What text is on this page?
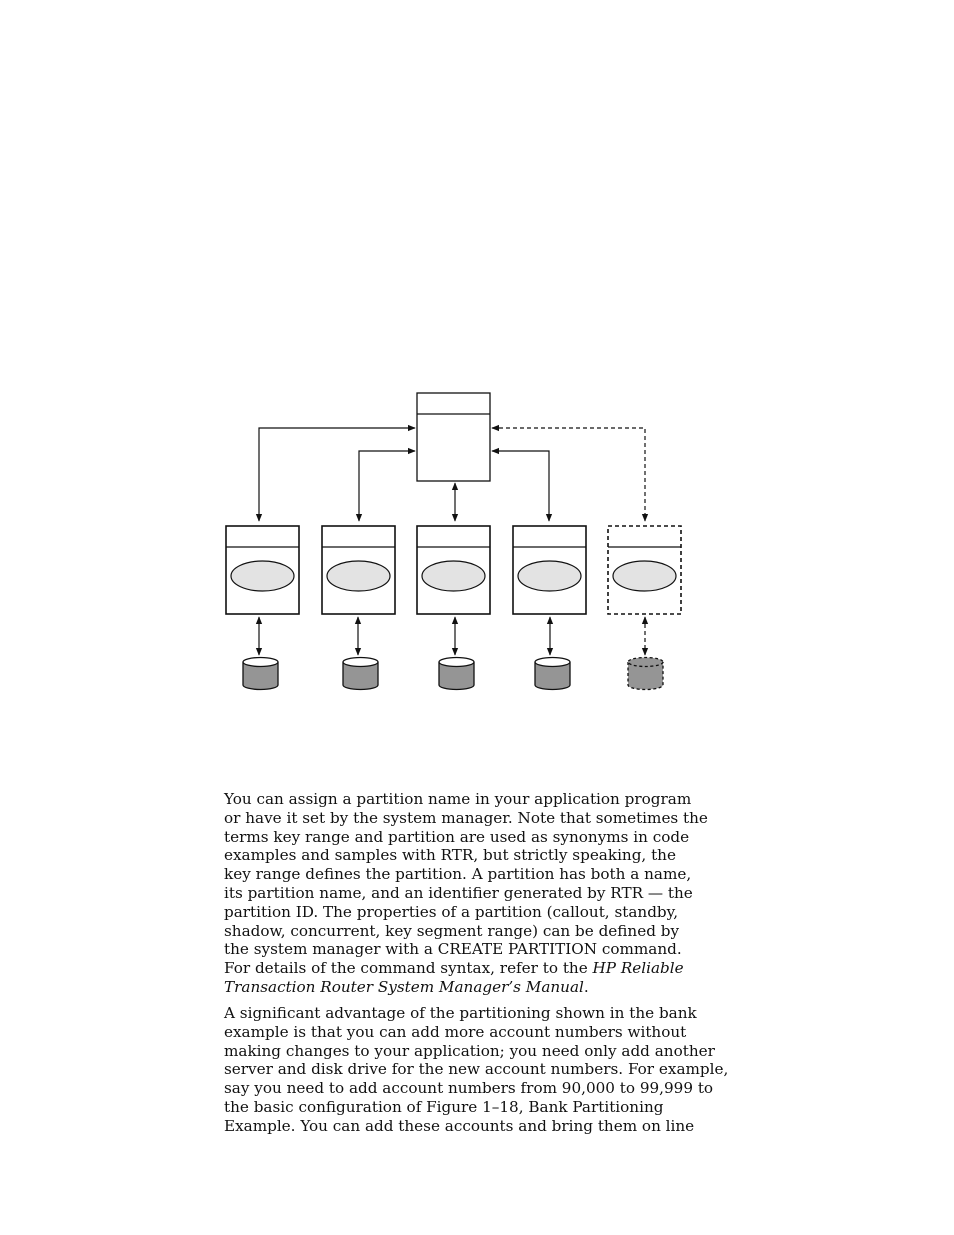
You can assign a partition name in your application program
or have it set by the system manager. Note that sometimes the
terms key range and partition are used as synonyms in code
examples and samples with RTR, but strictly speaking, the
key range defines the partition. A partition has both a name,
its partition name, and an identifier generated by RTR — the
partition ID. The properties of a partition (callout, standby,
shadow, concurrent, key segment range) can be defined by
the system manager with a CREATE PARTITION command.
For details of the command syntax, refer to the HP Reliable
Transaction Router System Manager’s Manual.
A significant advantage of the partitioning shown in the bank
example is that you can add more account numbers without
making changes to your application; you need only add another
server and disk drive for the new account numbers. For example,
say you need to add account numbers from 90,000 to 99,999 to
the basic configuration of Figure 1–18, Bank Partitioning
Example. You can add these accounts and bring them on line
